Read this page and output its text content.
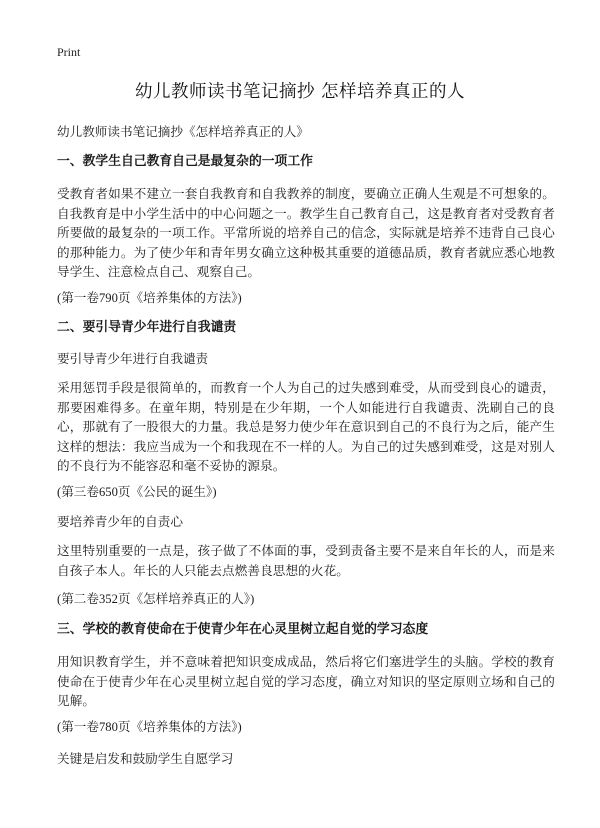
Print
幼儿教师读书笔记摘抄 怎样培养真正的人

幼儿教师读书笔记摘抄《怎样培养真正的人》

一、教学生自己教育自己是最复杂的一项工作

受教育者如果不建立一套自我教育和自我教养的制度，要确立正确人生观是不可想象的。自我教育是中小学生活中的中心问题之一。教学生自己教育自己，这是教育者对受教育者所要做的最复杂的一项工作。平常所说的培养自己的信念，实际就是培养不违背自己良心的那种能力。为了使少年和青年男女确立这种极其重要的道德品质，教育者就应悉心地教导学生、注意检点自己、观察自己。

(第一卷790页《培养集体的方法》)

二、要引导青少年进行自我谴责

要引导青少年进行自我谴责

采用惩罚手段是很简单的，而教育一个人为自己的过失感到难受，从而受到良心的谴责，那要困难得多。在童年期，特别是在少年期，一个人如能进行自我谴责、洗刷自己的良心，那就有了一股很大的力量。我总是努力使少年在意识到自己的不良行为之后，能产生这样的想法：我应当成为一个和我现在不一样的人。为自己的过失感到难受，这是对别人的不良行为不能容忍和毫不妥协的源泉。

(第三卷650页《公民的诞生》)

要培养青少年的自责心

这里特别重要的一点是，孩子做了不体面的事，受到责备主要不是来自年长的人，而是来自孩子本人。年长的人只能去点燃善良思想的火花。

(第二卷352页《怎样培养真正的人》)

三、学校的教育使命在于使青少年在心灵里树立起自觉的学习态度

用知识教育学生，并不意味着把知识变成成品，然后将它们塞进学生的头脑。学校的教育使命在于使青少年在心灵里树立起自觉的学习态度，确立对知识的坚定原则立场和自己的见解。

(第一卷780页《培养集体的方法》)

关键是启发和鼓励学生自愿学习
